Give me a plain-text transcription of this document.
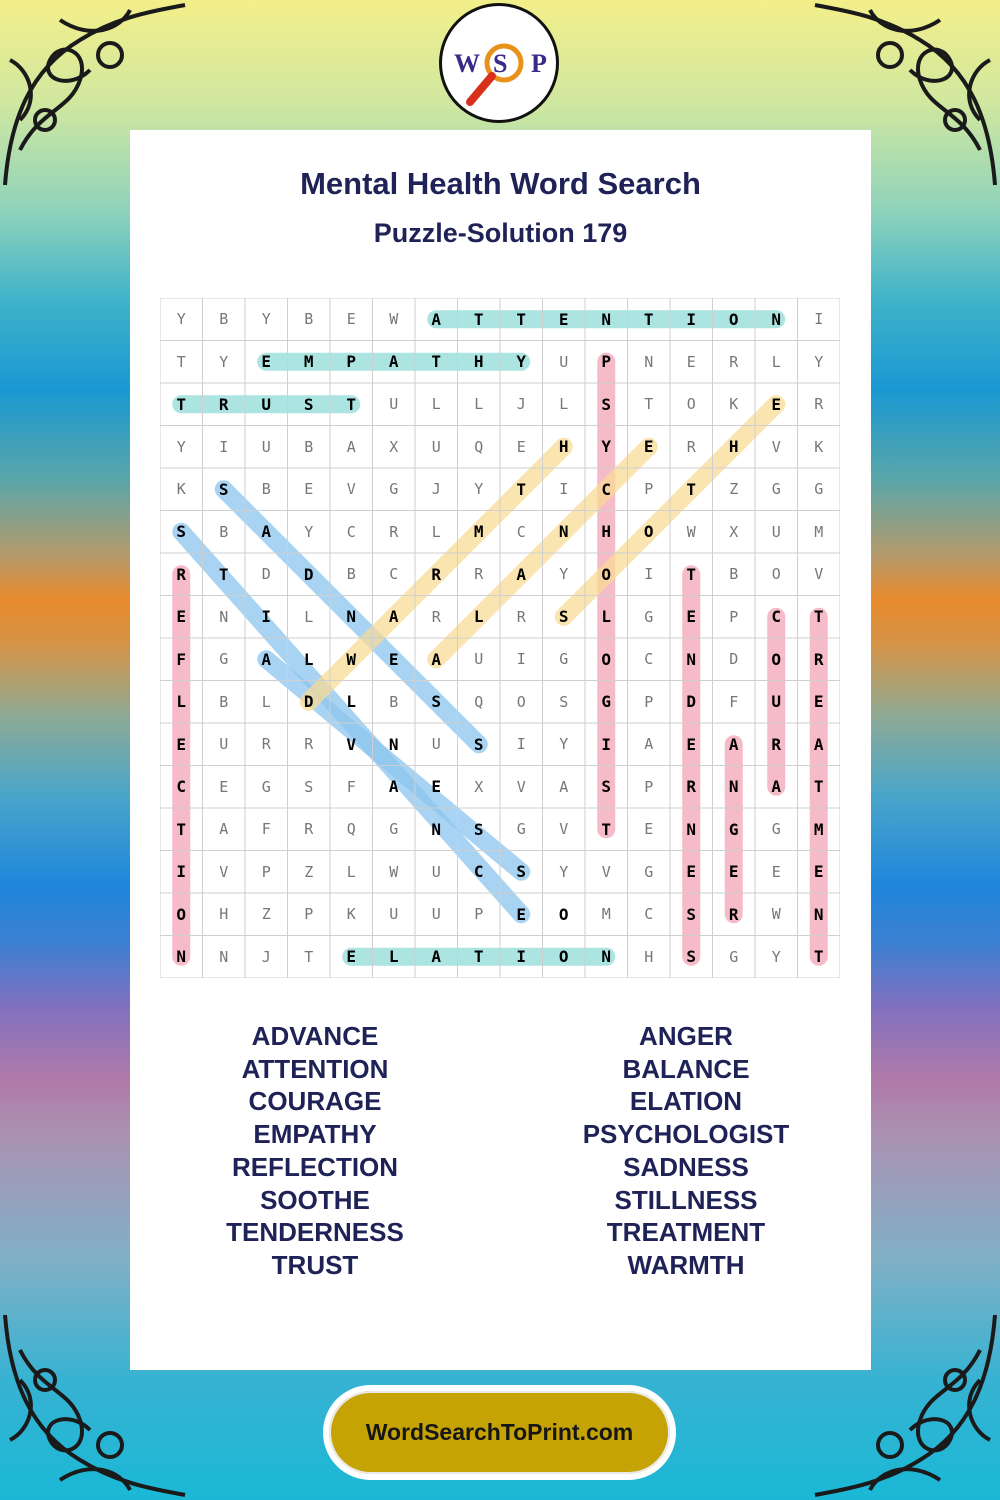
W S P
Mental Health Word Search
Puzzle-Solution 179
Y	B	Y	B	E	W	A	T	T	E	N	T	I	O	N	I
T	Y	E	M	P	A	T	H	Y	U	P	N	E	R	L	Y
T	R	U	S	T	U	L	L	J	L	S	T	O	K	E	R
Y	I	U	B	A	X	U	Q	E	H	Y	E	R	H	V	K
K	S	B	E	V	G	J	Y	T	I	C	P	T	Z	G	G
S	B	A	Y	C	R	L	M	C	N	H	O	W	X	U	M
R	T	D	D	B	C	R	R	A	Y	O	I	T	B	O	V
E	N	I	L	N	A	R	L	R	S	L	G	E	P	C	T
F	G	A	L	W	E	A	U	I	G	O	C	N	D	O	R
L	B	L	D	L	B	S	Q	O	S	G	P	D	F	U	E
E	U	R	R	V	N	U	S	I	Y	I	A	E	A	R	A
C	E	G	S	F	A	E	X	V	A	S	P	R	N	A	T
T	A	F	R	Q	G	N	S	G	V	T	E	N	G	G	M
I	V	P	Z	L	W	U	C	S	Y	V	G	E	E	E	E
O	H	Z	P	K	U	U	P	E	O	M	C	S	R	W	N
N	N	J	T	E	L	A	T	I	O	N	H	S	G	Y	T
ADVANCE
ATTENTION
COURAGE
EMPATHY
REFLECTION
SOOTHE
TENDERNESS
TRUST
ANGER
BALANCE
ELATION
PSYCHOLOGIST
SADNESS
STILLNESS
TREATMENT
WARMTH
WordSearchToPrint.com
